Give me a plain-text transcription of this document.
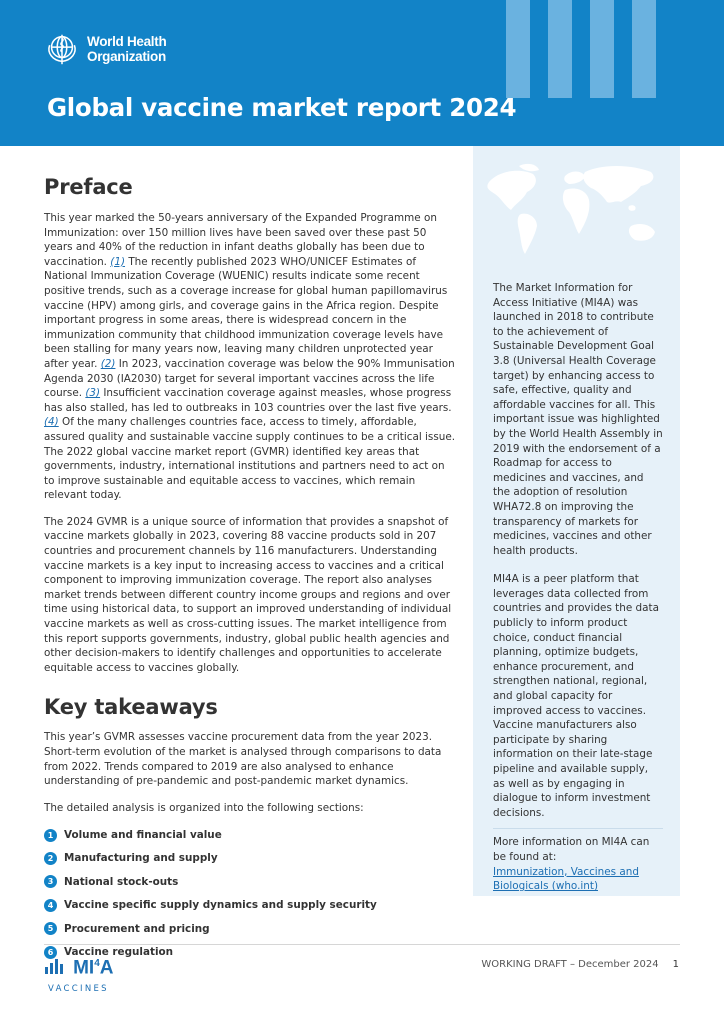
World Health
Organization
Global vaccine market report 2024
Preface

This year marked the 50-years anniversary of the Expanded Programme on Immunization: over 150 million lives have been saved over these past 50 years and 40% of the reduction in infant deaths globally has been due to vaccination. (1) The recently published 2023 WHO/UNICEF Estimates of National Immunization Coverage (WUENIC) results indicate some recent positive trends, such as a coverage increase for global human papillomavirus vaccine (HPV) among girls, and coverage gains in the Africa region. Despite important progress in some areas, there is widespread concern in the immunization community that childhood immunization coverage levels have been stalling for many years now, leaving many children unprotected year after year. (2) In 2023, vaccination coverage was below the 90% Immunisation Agenda 2030 (IA2030) target for several important vaccines across the life course. (3) Insufficient vaccination coverage against measles, whose progress has also stalled, has led to outbreaks in 103 countries over the last five years. (4) Of the many challenges countries face, access to timely, affordable, assured quality and sustainable vaccine supply continues to be a critical issue. The 2022 global vaccine market report (GVMR) identified key areas that governments, industry, international institutions and partners need to act on to improve sustainable and equitable access to vaccines, which remain relevant today.

The 2024 GVMR is a unique source of information that provides a snapshot of vaccine markets globally in 2023, covering 88 vaccine products sold in 207 countries and procurement channels by 116 manufacturers. Understanding vaccine markets is a key input to increasing access to vaccines and a critical component to improving immunization coverage. The report also analyses market trends between different country income groups and regions and over time using historical data, to support an improved understanding of individual vaccine markets as well as cross-cutting issues. The market intelligence from this report supports governments, industry, global public health agencies and other decision-makers to identify challenges and opportunities to accelerate equitable access to vaccines globally.

Key takeaways

This year’s GVMR assesses vaccine procurement data from the year 2023. Short-term evolution of the market is analysed through comparisons to data from 2022. Trends compared to 2019 are also analysed to enhance understanding of pre-pandemic and post-pandemic market dynamics.

The detailed analysis is organized into the following sections:

1	Volume and financial value
2	Manufacturing and supply
3	National stock-outs
4	Vaccine specific supply dynamics and supply security
5	Procurement and pricing
6	Vaccine regulation

The Market Information for Access Initiative (MI4A) was launched in 2018 to contribute to the achievement of Sustainable Development Goal 3.8 (Universal Health Coverage target) by enhancing access to safe, effective, quality and affordable vaccines for all. This important issue was highlighted by the World Health Assembly in 2019 with the endorsement of a Roadmap for access to medicines and vaccines, and the adoption of resolution WHA72.8 on improving the transparency of markets for medicines, vaccines and other health products.

MI4A is a peer platform that leverages data collected from countries and provides the data publicly to inform product choice, conduct financial planning, optimize budgets, enhance procurement, and strengthen national, regional, and global capacity for improved access to vaccines. Vaccine manufacturers also participate by sharing information on their late-stage pipeline and available supply, as well as by engaging in dialogue to inform investment decisions.

More information on MI4A can be found at:
Immunization, Vaccines and Biologicals (who.int)

$MI^4A$
VACCINES
WORKING DRAFT – December 2024 1
